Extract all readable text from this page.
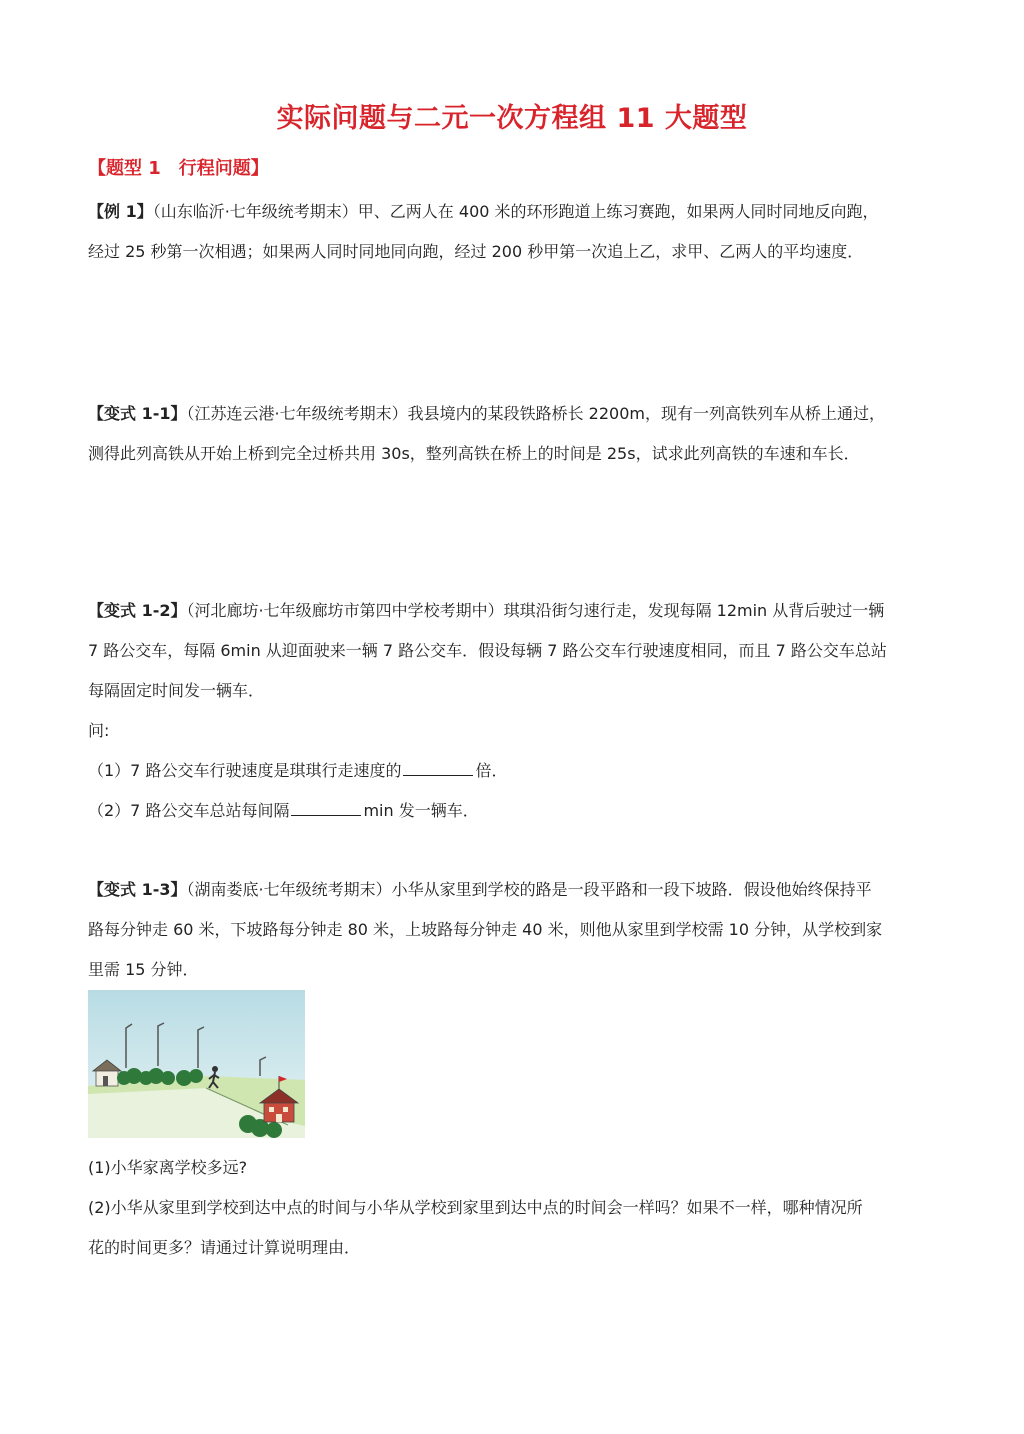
实际问题与二元一次方程组 11 大题型
【题型 1　行程问题】
【例 1】（山东临沂·七年级统考期末）甲、乙两人在 400 米的环形跑道上练习赛跑，如果两人同时同地反向跑，
经过 25 秒第一次相遇；如果两人同时同地同向跑，经过 200 秒甲第一次追上乙，求甲、乙两人的平均速度．
【变式 1-1】（江苏连云港·七年级统考期末）我县境内的某段铁路桥长 2200m，现有一列高铁列车从桥上通过，
测得此列高铁从开始上桥到完全过桥共用 30s，整列高铁在桥上的时间是 25s，试求此列高铁的车速和车长．
【变式 1-2】（河北廊坊·七年级廊坊市第四中学校考期中）琪琪沿街匀速行走，发现每隔 12min 从背后驶过一辆
7 路公交车，每隔 6min 从迎面驶来一辆 7 路公交车．假设每辆 7 路公交车行驶速度相同，而且 7 路公交车总站
每隔固定时间发一辆车．
问:
（1）7 路公交车行驶速度是琪琪行走速度的	倍．
（2）7 路公交车总站每间隔	min 发一辆车．
【变式 1-3】（湖南娄底·七年级统考期末）小华从家里到学校的路是一段平路和一段下坡路．假设他始终保持平
路每分钟走 60 米，下坡路每分钟走 80 米，上坡路每分钟走 40 米，则他从家里到学校需 10 分钟，从学校到家
里需 15 分钟．
(1)小华家离学校多远?
(2)小华从家里到学校到达中点的时间与小华从学校到家里到达中点的时间会一样吗？如果不一样，哪种情况所
花的时间更多？请通过计算说明理由．
